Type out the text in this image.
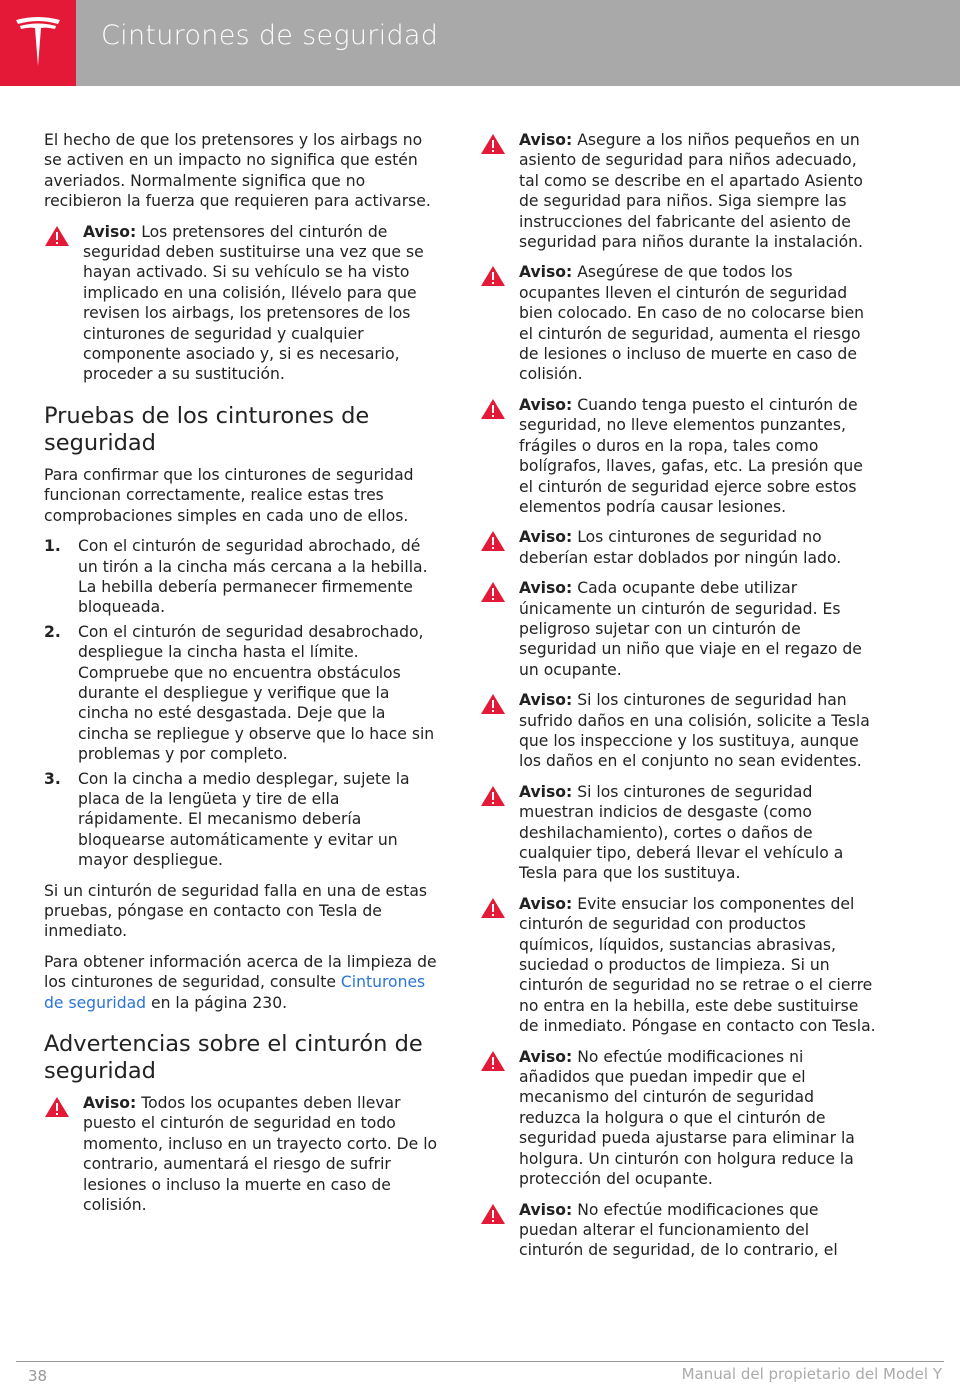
Cinturones de seguridad

El hecho de que los pretensores y los airbags no se activen en un impacto no significa que estén averiados. Normalmente significa que no recibieron la fuerza que requieren para activarse.

Aviso: Los pretensores del cinturón de seguridad deben sustituirse una vez que se hayan activado. Si su vehículo se ha visto implicado en una colisión, llévelo para que revisen los airbags, los pretensores de los cinturones de seguridad y cualquier componente asociado y, si es necesario, proceder a su sustitución.
Pruebas de los cinturones de seguridad

Para confirmar que los cinturones de seguridad funcionan correctamente, realice estas tres comprobaciones simples en cada uno de ellos.

1. Con el cinturón de seguridad abrochado, dé un tirón a la cincha más cercana a la hebilla. La hebilla debería permanecer firmemente bloqueada.
2. Con el cinturón de seguridad desabrochado, despliegue la cincha hasta el límite. Compruebe que no encuentra obstáculos durante el despliegue y verifique que la cincha no esté desgastada. Deje que la cincha se repliegue y observe que lo hace sin problemas y por completo.
3. Con la cincha a medio desplegar, sujete la placa de la lengüeta y tire de ella rápidamente. El mecanismo debería bloquearse automáticamente y evitar un mayor despliegue.

Si un cinturón de seguridad falla en una de estas pruebas, póngase en contacto con Tesla de inmediato.

Para obtener información acerca de la limpieza de los cinturones de seguridad, consulte Cinturones de seguridad en la página 230.

Advertencias sobre el cinturón de seguridad
Aviso: Todos los ocupantes deben llevar puesto el cinturón de seguridad en todo momento, incluso en un trayecto corto. De lo contrario, aumentará el riesgo de sufrir lesiones o incluso la muerte en caso de colisión.
Aviso: Asegure a los niños pequeños en un asiento de seguridad para niños adecuado, tal como se describe en el apartado Asiento de seguridad para niños. Siga siempre las instrucciones del fabricante del asiento de seguridad para niños durante la instalación.
Aviso: Asegúrese de que todos los ocupantes lleven el cinturón de seguridad bien colocado. En caso de no colocarse bien el cinturón de seguridad, aumenta el riesgo de lesiones o incluso de muerte en caso de colisión.
Aviso: Cuando tenga puesto el cinturón de seguridad, no lleve elementos punzantes, frágiles o duros en la ropa, tales como bolígrafos, llaves, gafas, etc. La presión que el cinturón de seguridad ejerce sobre estos elementos podría causar lesiones.
Aviso: Los cinturones de seguridad no deberían estar doblados por ningún lado.
Aviso: Cada ocupante debe utilizar únicamente un cinturón de seguridad. Es peligroso sujetar con un cinturón de seguridad un niño que viaje en el regazo de un ocupante.
Aviso: Si los cinturones de seguridad han sufrido daños en una colisión, solicite a Tesla que los inspeccione y los sustituya, aunque los daños en el conjunto no sean evidentes.
Aviso: Si los cinturones de seguridad muestran indicios de desgaste (como deshilachamiento), cortes o daños de cualquier tipo, deberá llevar el vehículo a Tesla para que los sustituya.
Aviso: Evite ensuciar los componentes del cinturón de seguridad con productos químicos, líquidos, sustancias abrasivas, suciedad o productos de limpieza. Si un cinturón de seguridad no se retrae o el cierre no entra en la hebilla, este debe sustituirse de inmediato. Póngase en contacto con Tesla.
Aviso: No efectúe modificaciones ni añadidos que puedan impedir que el mecanismo del cinturón de seguridad reduzca la holgura o que el cinturón de seguridad pueda ajustarse para eliminar la holgura. Un cinturón con holgura reduce la protección del ocupante.
Aviso: No efectúe modificaciones que puedan alterar el funcionamiento del cinturón de seguridad, de lo contrario, el
38	Manual del propietario del Model Y
